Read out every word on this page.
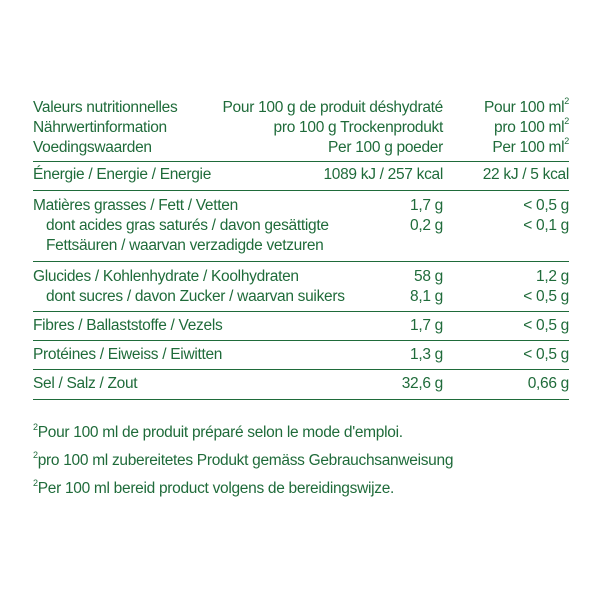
Valeurs nutritionnelles	Pour 100 g de produit déshydraté	Pour 100 $ml^2$
Nährwertinformation	pro 100 g Trockenprodukt	pro 100 $ml^2$
Voedingswaarden	Per 100 g poeder	Per 100 $ml^2$
Énergie / Energie / Energie	1089 kJ / 257 kcal	22 kJ / 5 kcal
Matières grasses / Fett / Vetten	1,7 g	< 0,5 g
dont acides gras saturés / davon gesättigte	0,2 g	< 0,1 g
Fettsäuren / waarvan verzadigde vetzuren
Glucides / Kohlenhydrate / Koolhydraten	58 g	1,2 g
dont sucres / davon Zucker / waarvan suikers	8,1 g	< 0,5 g
Fibres / Ballaststoffe / Vezels	1,7 g	< 0,5 g
Protéines / Eiweiss / Eiwitten	1,3 g	< 0,5 g
Sel / Salz / Zout	32,6 g	0,66 g
$^2$Pour 100 ml de produit préparé selon le mode d'emploi.
$^2$pro 100 ml zubereitetes Produkt gemäss Gebrauchsanweisung
$^2$Per 100 ml bereid product volgens de bereidingswijze.
